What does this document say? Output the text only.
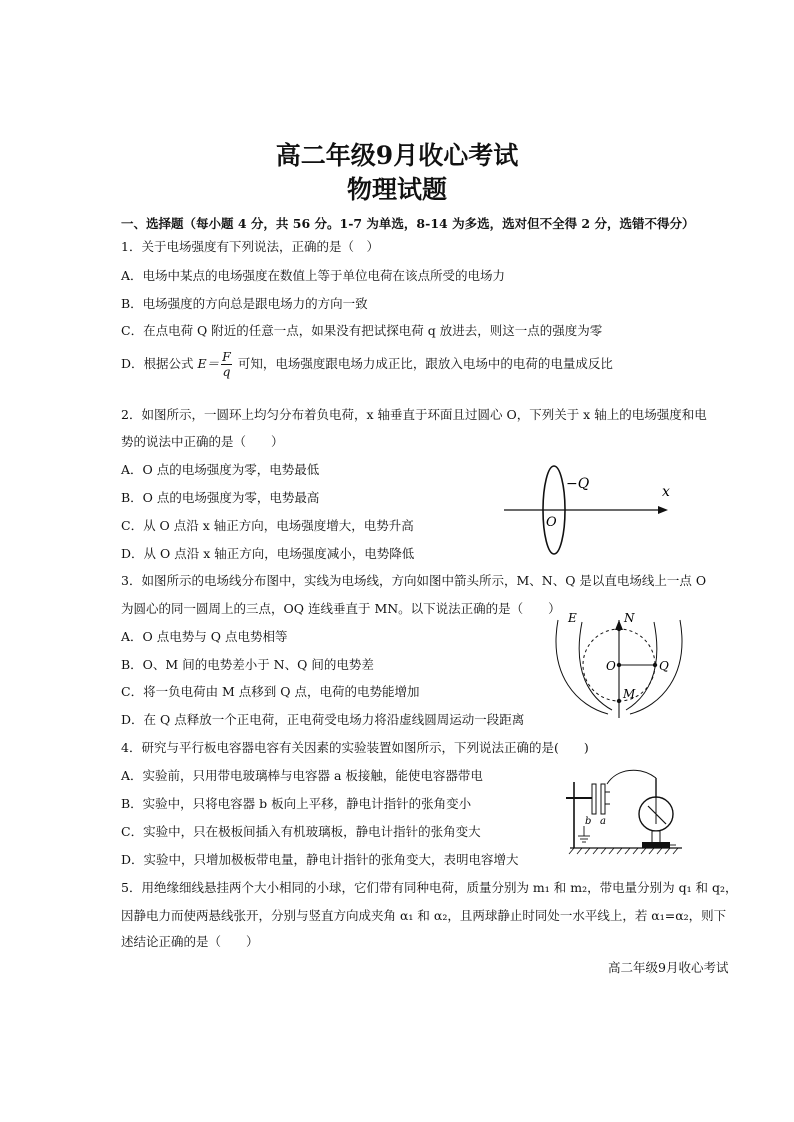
高二年级9月收心考试
物理试题
一、选择题（每小题 4 分，共 56 分。1-7 为单选，8-14 为多选，选对但不全得 2 分，选错不得分）
1．关于电场强度有下列说法，正确的是（　）
A．电场中某点的电场强度在数值上等于单位电荷在该点所受的电场力
B．电场强度的方向总是跟电场力的方向一致
C．在点电荷 Q 附近的任意一点，如果没有把试探电荷 q 放进去，则这一点的强度为零
D．根据公式 $E= \frac{F}{q}$ 可知，电场强度跟电场力成正比，跟放入电场中的电荷的电量成反比
2．如图所示，一圆环上均匀分布着负电荷，x 轴垂直于环面且过圆心 O，下列关于 x 轴上的电场强度和电
势的说法中正确的是（　　）
A．O 点的电场强度为零，电势最低
B．O 点的电场强度为零，电势最高
C．从 O 点沿 x 轴正方向，电场强度增大，电势升高
D．从 O 点沿 x 轴正方向，电场强度减小，电势降低
−Q	x
O
3．如图所示的电场线分布图中，实线为电场线，方向如图中箭头所示，M、N、Q 是以直电场线上一点 O
为圆心的同一圆周上的三点，OQ 连线垂直于 MN。以下说法正确的是（　　）
A．O 点电势与 Q 点电势相等
B．O、M 间的电势差小于 N、Q 间的电势差
C．将一负电荷由 M 点移到 Q 点，电荷的电势能增加
D．在 Q 点释放一个正电荷，正电荷受电场力将沿虚线圆周运动一段距离
E	N
O	Q
M
4．研究与平行板电容器电容有关因素的实验装置如图所示，下列说法正确的是(　　)
A．实验前，只用带电玻璃棒与电容器 a 板接触，能使电容器带电
B．实验中，只将电容器 b 板向上平移，静电计指针的张角变小
C．实验中，只在极板间插入有机玻璃板，静电计指针的张角变大
D．实验中，只增加极板带电量，静电计指针的张角变大，表明电容增大
b a
5．用绝缘细线悬挂两个大小相同的小球，它们带有同种电荷，质量分别为 m₁ 和 m₂，带电量分别为 q₁ 和 q₂，
因静电力而使两悬线张开，分别与竖直方向成夹角 α₁ 和 α₂，且两球静止时同处一水平线上，若 α₁=α₂，则下
述结论正确的是（　　）
高二年级9月收心考试
